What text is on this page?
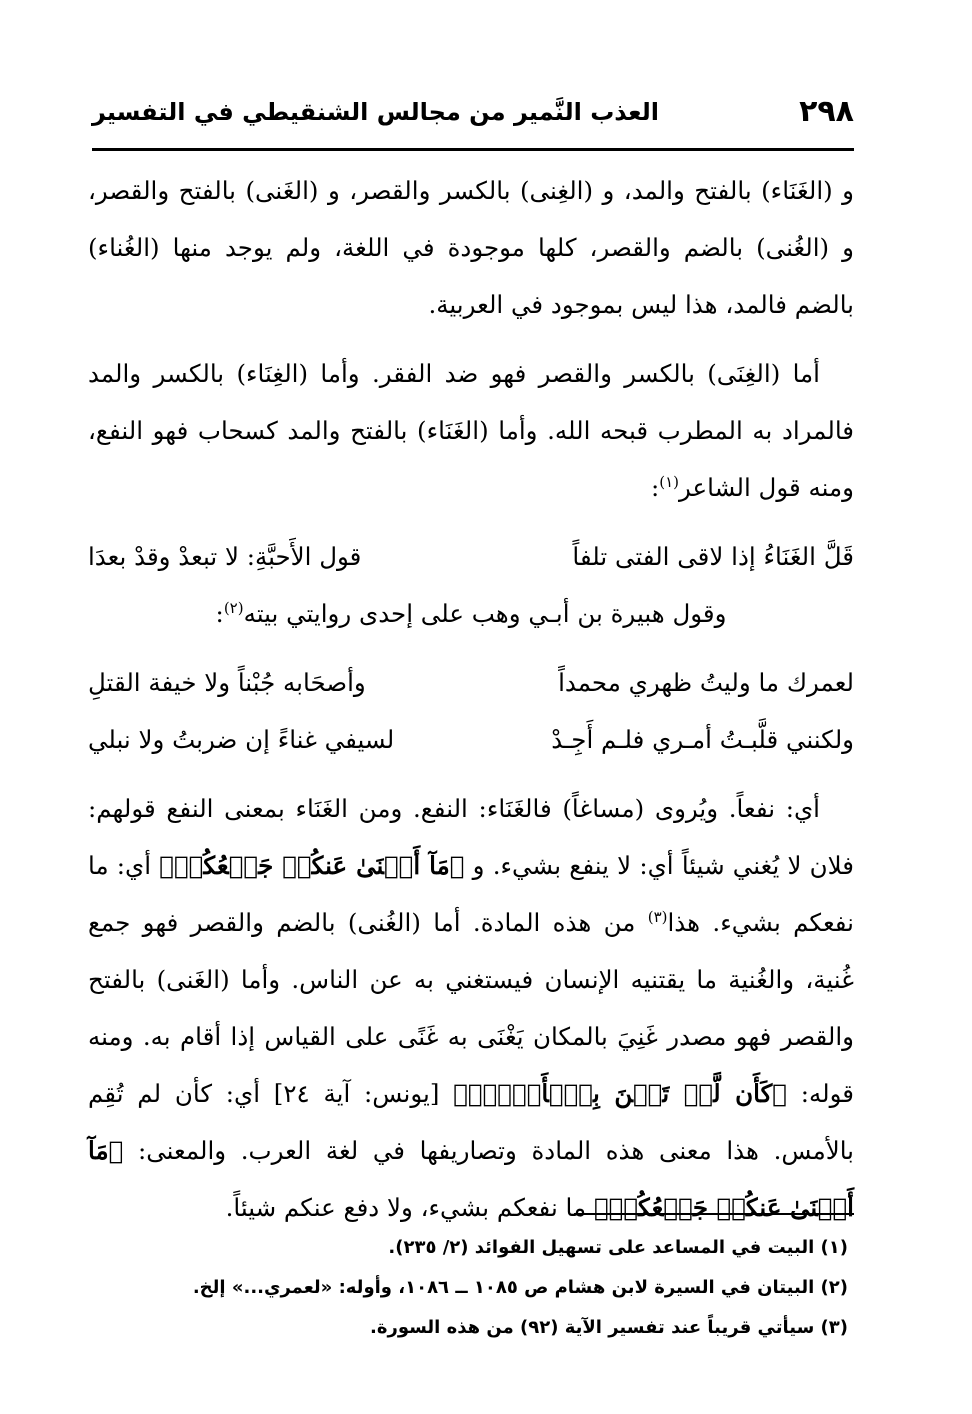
٢٩٨
العذب النَّمير من مجالس الشنقيطي في التفسير

و (الغَنَاء) بالفتح والمد، و (الغِنى) بالكسر والقصر، و (الغَنى) بالفتح والقصر، و (الغُنى) بالضم والقصر، كلها موجودة في اللغة، ولم يوجد منها (الغُناء) بالضم فالمد، هذا ليس بموجود في العربية.

أما (الغِنَى) بالكسر والقصر فهو ضد الفقر. وأما (الغِنَاء) بالكسر والمد فالمراد به المطرب قبحه الله. وأما (الغَنَاء) بالفتح والمد كسحاب فهو النفع، ومنه قول الشاعر$^{(١)}$:

قَلَّ الغَنَاءُ إذا لاقى الفتى تلفاً
قول الأَحبَّةِ: لا تبعدْ وقدْ بعدَا

وقول هبيرة بن أبـي وهب على إحدى روايتي بيته$^{(٢)}$:

لعمرك ما وليتُ ظهري محمداً
وأصحَابه جُبْناً ولا خيفة القتلِ
ولكنني قلَّبـتُ أمـري فلـم أَجِـدْ
لسيفي غناءً إن ضربتُ ولا نبلي

أي: نفعاً. ويُروى (مساغاً) فالغَنَاء: النفع. ومن الغَنَاء بمعنى النفع قولهم: فلان لا يُغني شيئاً أي: لا ينفع بشيء. و ﴿مَآ أَغۡنَىٰ عَنكُمۡ جَمۡعُكُمۡ﴾ أي: ما نفعكم بشيء. هذا$^{(٣)}$ من هذه المادة. أما (الغُنى) بالضم والقصر فهو جمع غُنية، والغُنية ما يقتنيه الإنسان فيستغني به عن الناس. وأما (الغَنى) بالفتح والقصر فهو مصدر غَنِيَ بالمكان يَغْنَى به غَنًى على القياس إذا أقام به. ومنه قوله: ﴿كَأَن لَّمۡ تَغۡنَ بِٱلۡأَمۡسِۚ﴾ [يونس: آية ٢٤] أي: كأن لم تُقِم بالأمس. هذا معنى هذه المادة وتصاريفها في لغة العرب. والمعنى: ﴿مَآ أَغۡنَىٰ عَنكُمۡ جَمۡعُكُمۡ﴾ ما نفعكم بشيء، ولا دفع عنكم شيئاً.

(١) البيت في المساعد على تسهيل الفوائد (٢/ ٢٣٥).

(٢) البيتان في السيرة لابن هشام ص ١٠٨٥ ــ ١٠٨٦، وأوله: «لعمري...» إلخ.

(٣) سيأتي قريباً عند تفسير الآية (٩٢) من هذه السورة.
